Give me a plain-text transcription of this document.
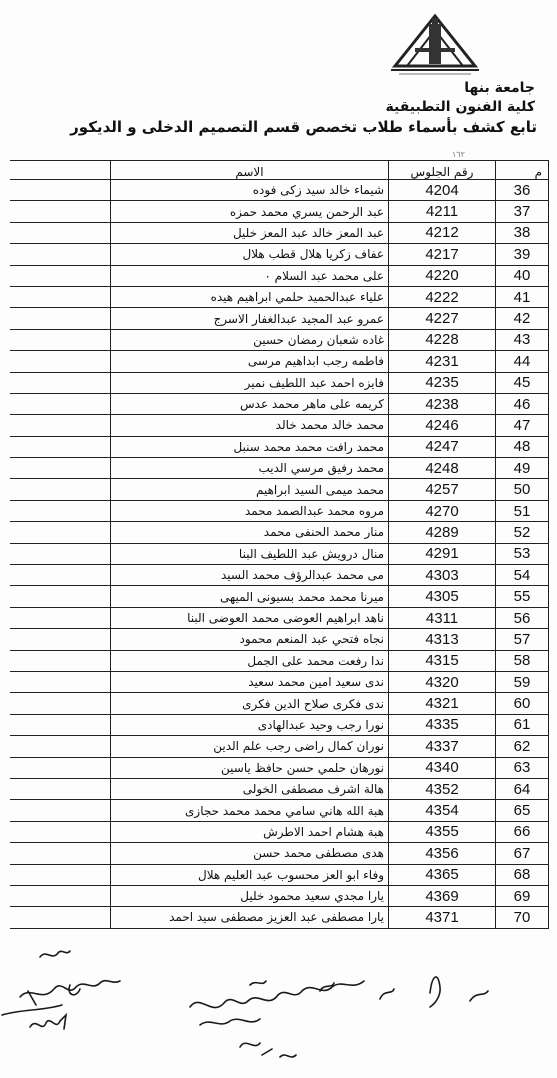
جامعة بنها
كلية الفنون التطبيقية
تابع كشف بأسماء طلاب تخصص قسم التصميم الدخلى و الديكور
١٦٢
	الاسم	رقم الجلوس	م
	شيماء خالد سيد زكى فوده	4204	36
	عبد الرحمن يسري محمد حمزه	4211	37
	عبد المعز خالد عبد المعز خليل	4212	38
	عفاف زكريا هلال قطب هلال	4217	39
	على محمد عبد السلام ٠	4220	40
	علياء عبدالحميد حلمي ابراهيم هيده	4222	41
	عمرو عبد المجيد عبدالغفار الاسرج	4227	42
	غاده شعبان رمضان حسين	4228	43
	فاطمه رجب ابداهيم مرسى	4231	44
	فايزه احمد عبد اللطيف نمير	4235	45
	كريمه على ماهر محمد عدس	4238	46
	محمد خالد محمد خالد	4246	47
	محمد رافت محمد محمد سنبل	4247	48
	محمد رفيق مرسي الديب	4248	49
	محمد ميمى السيد ابراهيم	4257	50
	مروه محمد عبدالصمد محمد	4270	51
	منار محمد الحنفى محمد	4289	52
	منال درويش عبد اللطيف البنا	4291	53
	مى محمد عبدالرؤف محمد السيد	4303	54
	ميرنا محمد محمد بسيونى الميهى	4305	55
	ناهد ابراهيم العوضى محمد العوضى البنا	4311	56
	نجاه فتحي عبد المنعم محمود	4313	57
	ندا رفعت محمد على الجمل	4315	58
	ندى سعيد امين محمد سعيد	4320	59
	ندى فكرى صلاح الدين فكرى	4321	60
	نورا رجب وحيد عبدالهادى	4335	61
	نوران كمال راضى رجب علم الدين	4337	62
	نورهان حلمي حسن حافظ ياسين	4340	63
	هالة اشرف مصطفى الخولى	4352	64
	هبة الله هاني سامي محمد محمد حجازى	4354	65
	هبة هشام احمد الاطرش	4355	66
	هدى مصطفى محمد حسن	4356	67
	وفاء ابو العز محسوب عبد العليم هلال	4365	68
	يارا مجدي سعيد محمود خليل	4369	69
	يارا مصطفى عبد العزيز مصطفى سيد احمد	4371	70
